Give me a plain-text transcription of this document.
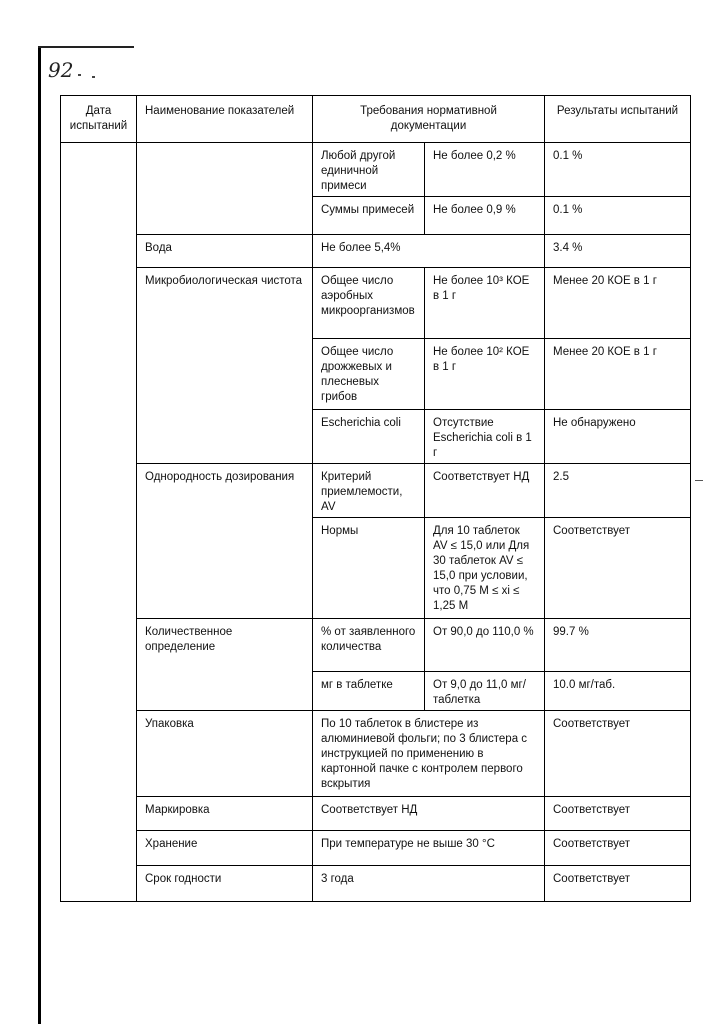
92
Дата испытаний	Наименование показателей	Требования нормативной документации		Результаты испытаний
		Любой другой единичной примеси	Не более 0,2 %	0.1 %
		Суммы примесей	Не более 0,9 %	0.1 %
	Вода	Не более 5,4%		3.4 %
	Микробиологическая чистота	Общее число аэробных микроорганизмов	Не более 10³ КОЕ в 1 г	Менее 20 КОЕ в 1 г
		Общее число дрожжевых и плесневых грибов	Не более 10² КОЕ в 1 г	Менее 20 КОЕ в 1 г
		Escherichia coli	Отсутствие Escherichia coli в 1 г	Не обнаружено
	Однородность дозирования	Критерий приемлемости, AV	Соответствует НД	2.5
		Нормы	Для 10 таблеток AV ≤ 15,0 или Для 30 таблеток AV ≤ 15,0 при условии, что 0,75 M ≤ xi ≤ 1,25 M	Соответствует
	Количественное определение	% от заявленного количества	От 90,0 до 110,0 %	99.7 %
		мг в таблетке	От 9,0 до 11,0 мг/таблетка	10.0 мг/таб.
	Упаковка	По 10 таблеток в блистере из алюминиевой фольги; по 3 блистера с инструкцией по применению в картонной пачке с контролем первого вскрытия		Соответствует
	Маркировка	Соответствует НД		Соответствует
	Хранение	При температуре не выше 30 °C		Соответствует
	Срок годности	3 года		Соответствует
